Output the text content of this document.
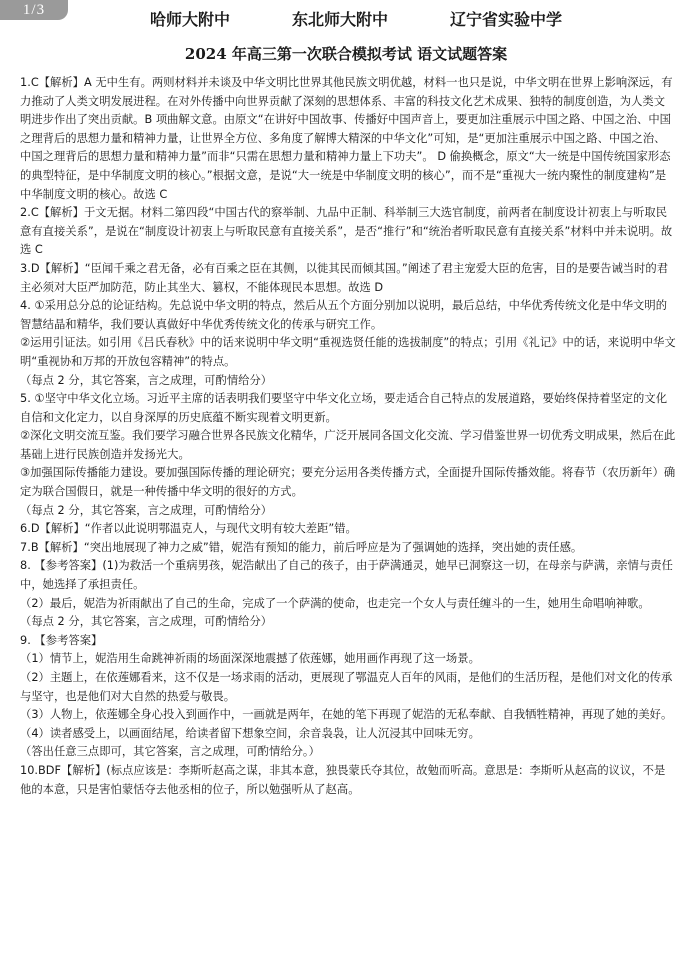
1/3	哈师大附中	东北师大附中	辽宁省实验中学
2024 年高三第一次联合模拟考试 语文试题答案

1.C【解析】A 无中生有。两则材料并未谈及中华文明比世界其他民族文明优越，材料一也只是说，中华文明在世界上影响深远，有力推动了人类文明发展进程。在对外传播中向世界贡献了深刻的思想体系、丰富的科技文化艺术成果、独特的制度创造，为人类文明进步作出了突出贡献。B 项曲解文意。由原文“在讲好中国故事、传播好中国声音上，要更加注重展示中国之路、中国之治、中国之理背后的思想力量和精神力量，让世界全方位、多角度了解博大精深的中华文化”可知，是“更加注重展示中国之路、中国之治、中国之理背后的思想力量和精神力量”而非“只需在思想力量和精神力量上下功夫”。 D 偷换概念，原文“大一统是中国传统国家形态的典型特征，是中华制度文明的核心。”根据文意，是说“大一统是中华制度文明的核心”，而不是“重视大一统内聚性的制度建构”是中华制度文明的核心。故选 C

2.C【解析】于文无据。材料二第四段“中国古代的察举制、九品中正制、科举制三大选官制度，前两者在制度设计初衷上与听取民意有直接关系”，是说在“制度设计初衷上与听取民意有直接关系”，是否“推行”和“统治者听取民意有直接关系”材料中并未说明。故选 C

3.D【解析】“臣闻千乘之君无备，必有百乘之臣在其侧，以徙其民而倾其国。”阐述了君主宠爱大臣的危害，目的是要告诫当时的君主必须对大臣严加防范，防止其坐大、篡权，不能体现民本思想。故选 D

4. ①采用总分总的论证结构。先总说中华文明的特点，然后从五个方面分别加以说明，最后总结，中华优秀传统文化是中华文明的智慧结晶和精华，我们要认真做好中华优秀传统文化的传承与研究工作。

②运用引证法。如引用《吕氏春秋》中的话来说明中华文明“重视选贤任能的选拔制度”的特点；引用《礼记》中的话，来说明中华文明“重视协和万邦的开放包容精神”的特点。

（每点 2 分，其它答案，言之成理，可酌情给分）

5. ①坚守中华文化立场。习近平主席的话表明我们要坚守中华文化立场，要走适合自己特点的发展道路，要始终保持着坚定的文化自信和文化定力，以自身深厚的历史底蕴不断实现着文明更新。

②深化文明交流互鉴。我们要学习融合世界各民族文化精华，广泛开展同各国文化交流、学习借鉴世界一切优秀文明成果，然后在此基础上进行民族创造并发扬光大。

③加强国际传播能力建设。要加强国际传播的理论研究；要充分运用各类传播方式，全面提升国际传播效能。将春节（农历新年）确定为联合国假日，就是一种传播中华文明的很好的方式。

（每点 2 分，其它答案，言之成理，可酌情给分）

6.D【解析】“作者以此说明鄂温克人，与现代文明有较大差距”错。

7.B【解析】“突出地展现了神力之威”错，妮浩有预知的能力，前后呼应是为了强调她的选择，突出她的责任感。

8. 【参考答案】(1)为救活一个重病男孩，妮浩献出了自己的孩子，由于萨满通灵，她早已洞察这一切，在母亲与萨满，亲情与责任中，她选择了承担责任。

（2）最后，妮浩为祈雨献出了自己的生命，完成了一个萨满的使命，也走完一个女人与责任缠斗的一生，她用生命唱响神歌。

（每点 2 分，其它答案，言之成理，可酌情给分）

9. 【参考答案】

（1）情节上，妮浩用生命跳神祈雨的场面深深地震撼了依莲娜，她用画作再现了这一场景。

（2）主题上，在依莲娜看来，这不仅是一场求雨的活动，更展现了鄂温克人百年的风雨，是他们的生活历程，是他们对文化的传承与坚守，也是他们对大自然的热爱与敬畏。

（3）人物上，依莲娜全身心投入到画作中，一画就是两年，在她的笔下再现了妮浩的无私奉献、自我牺牲精神，再现了她的美好。

（4）读者感受上，以画面结尾，给读者留下想象空间，余音袅袅，让人沉浸其中回味无穷。

（答出任意三点即可，其它答案，言之成理，可酌情给分。）

10.BDF【解析】(标点应该是：李斯听赵高之谋，非其本意，独畏蒙氏夺其位，故勉而听高。意思是：李斯听从赵高的议议，不是他的本意，只是害怕蒙恬夺去他丞相的位子，所以勉强听从了赵高。
